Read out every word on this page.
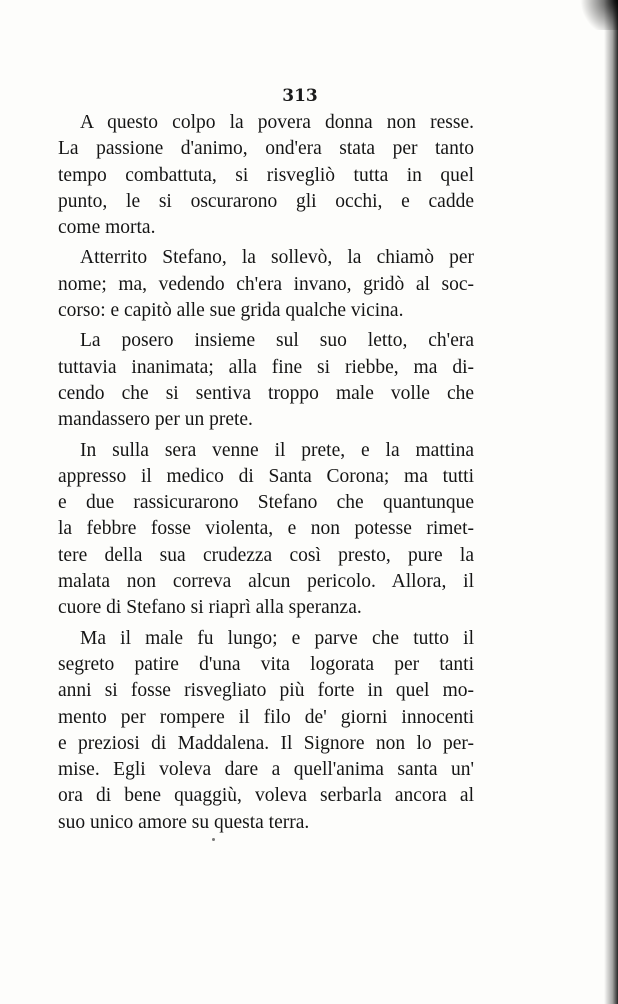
313
A questo colpo la povera donna non resse.
La passione d'animo, ond'era stata per tanto
tempo combattuta, si risvegliò tutta in quel
punto, le si oscurarono gli occhi, e cadde
come morta.
Atterrito Stefano, la sollevò, la chiamò per
nome; ma, vedendo ch'era invano, gridò al soc-
corso: e capitò alle sue grida qualche vicina.
La posero insieme sul suo letto, ch'era
tuttavia inanimata; alla fine si riebbe, ma di-
cendo che si sentiva troppo male volle che
mandassero per un prete.
In sulla sera venne il prete, e la mattina
appresso il medico di Santa Corona; ma tutti
e due rassicurarono Stefano che quantunque
la febbre fosse violenta, e non potesse rimet-
tere della sua crudezza così presto, pure la
malata non correva alcun pericolo. Allora, il
cuore di Stefano si riaprì alla speranza.
Ma il male fu lungo; e parve che tutto il
segreto patire d'una vita logorata per tanti
anni si fosse risvegliato più forte in quel mo-
mento per rompere il filo de' giorni innocenti
e preziosi di Maddalena. Il Signore non lo per-
mise. Egli voleva dare a quell'anima santa un'
ora di bene quaggiù, voleva serbarla ancora al
suo unico amore su questa terra.
